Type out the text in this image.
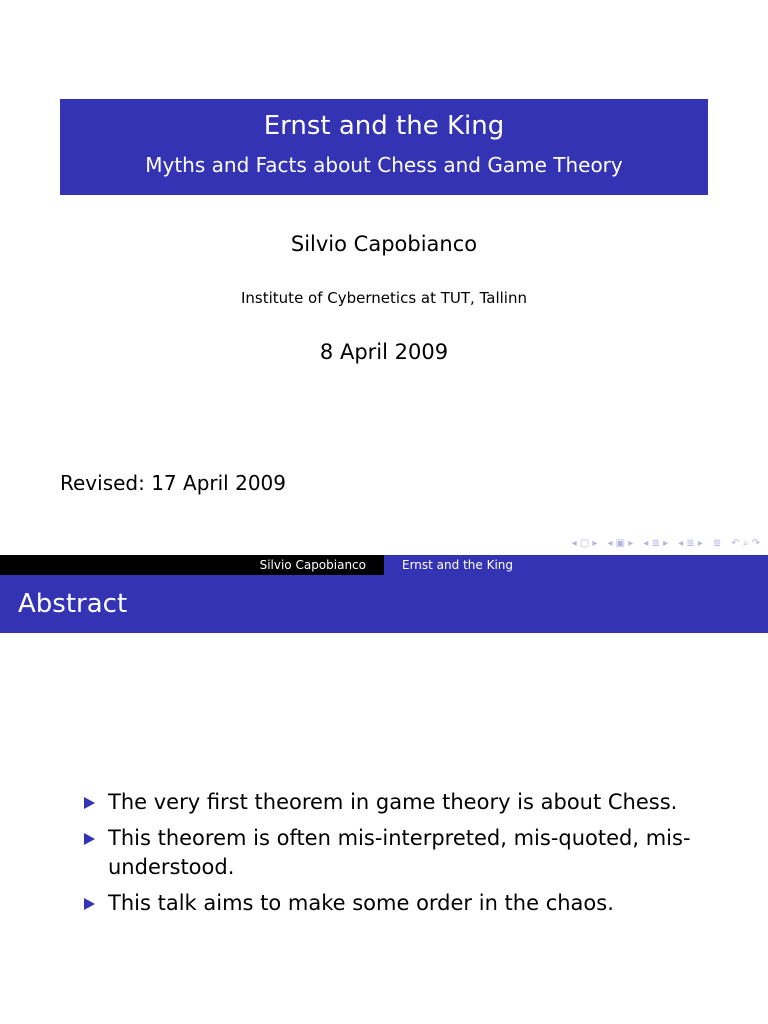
Ernst and the King
Myths and Facts about Chess and Game Theory
Silvio Capobianco
Institute of Cybernetics at TUT, Tallinn
8 April 2009
Revised: 17 April 2009
◂ ▢ ▸ ◂ ▣ ▸ ◂ ≣ ▸ ◂ ≣ ▸ ≣ ↶ ⌕ ↷
Silvio Capobianco	Ernst and the King
Abstract
The very first theorem in game theory is about Chess.
This theorem is often mis-interpreted, mis-quoted, mis-understood.
This talk aims to make some order in the chaos.
